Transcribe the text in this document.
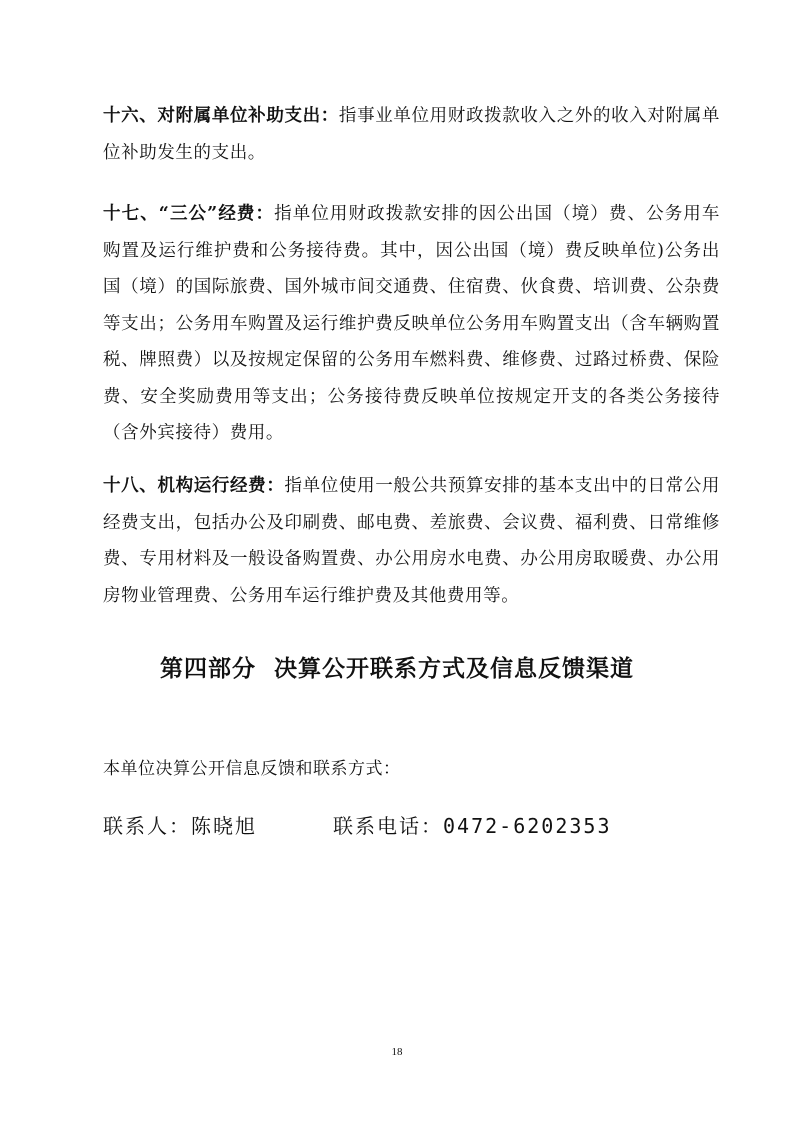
十六、对附属单位补助支出：指事业单位用财政拨款收入之外的收入对附属单位补助发生的支出。

十七、“三公”经费：指单位用财政拨款安排的因公出国（境）费、公务用车购置及运行维护费和公务接待费。其中，因公出国（境）费反映单位)公务出国（境）的国际旅费、国外城市间交通费、住宿费、伙食费、培训费、公杂费等支出；公务用车购置及运行维护费反映单位公务用车购置支出（含车辆购置税、牌照费）以及按规定保留的公务用车燃料费、维修费、过路过桥费、保险费、安全奖励费用等支出；公务接待费反映单位按规定开支的各类公务接待（含外宾接待）费用。

十八、机构运行经费：指单位使用一般公共预算安排的基本支出中的日常公用经费支出，包括办公及印刷费、邮电费、差旅费、会议费、福利费、日常维修费、专用材料及一般设备购置费、办公用房水电费、办公用房取暖费、办公用房物业管理费、公务用车运行维护费及其他费用等。

第四部分  决算公开联系方式及信息反馈渠道
本单位决算公开信息反馈和联系方式：
联系人：陈晓旭	联系电话：0472-6202353
18
